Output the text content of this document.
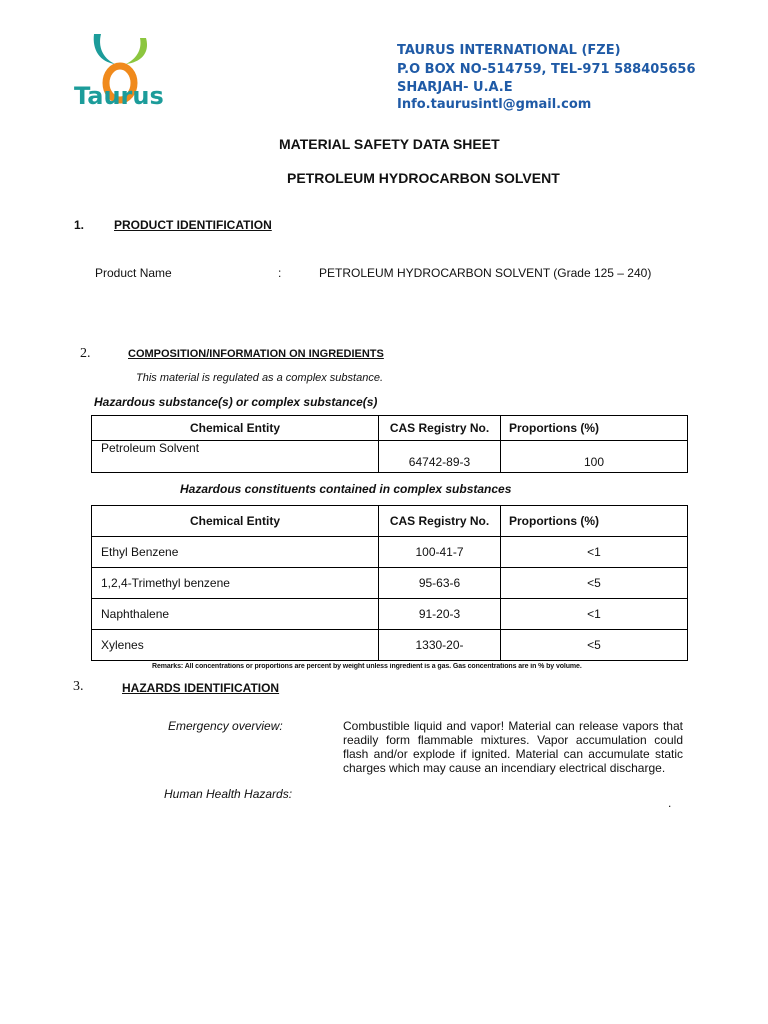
Taurus
TAURUS INTERNATIONAL (FZE)
P.O BOX NO-514759, TEL-971 588405656
SHARJAH- U.A.E
Info.taurusintl@gmail.com
MATERIAL SAFETY DATA SHEET
PETROLEUM HYDROCARBON SOLVENT
1. PRODUCT IDENTIFICATION
Product Name	:	PETROLEUM HYDROCARBON SOLVENT (Grade 125 – 240)
2.	COMPOSITION/INFORMATION ON INGREDIENTS
This material is regulated as a complex substance.
Hazardous substance(s) or complex substance(s)
Chemical Entity	CAS Registry No.	Proportions (%)
Petroleum Solvent	64742-89-3	100
Hazardous constituents contained in complex substances
Chemical Entity	CAS Registry No.	Proportions (%)
Ethyl Benzene	100-41-7	<1
1,2,4-Trimethyl benzene	95-63-6	<5
Naphthalene	91-20-3	<1
Xylenes	1330-20-	<5
Remarks: All concentrations or proportions are percent by weight unless ingredient is a gas. Gas concentrations are in % by volume.
3.	HAZARDS IDENTIFICATION
Emergency overview:	Combustible liquid and vapor! Material can release vapors that readily form flammable mixtures. Vapor accumulation could flash and/or explode if ignited. Material can accumulate static charges which may cause an incendiary electrical discharge.
Human Health Hazards:
.
